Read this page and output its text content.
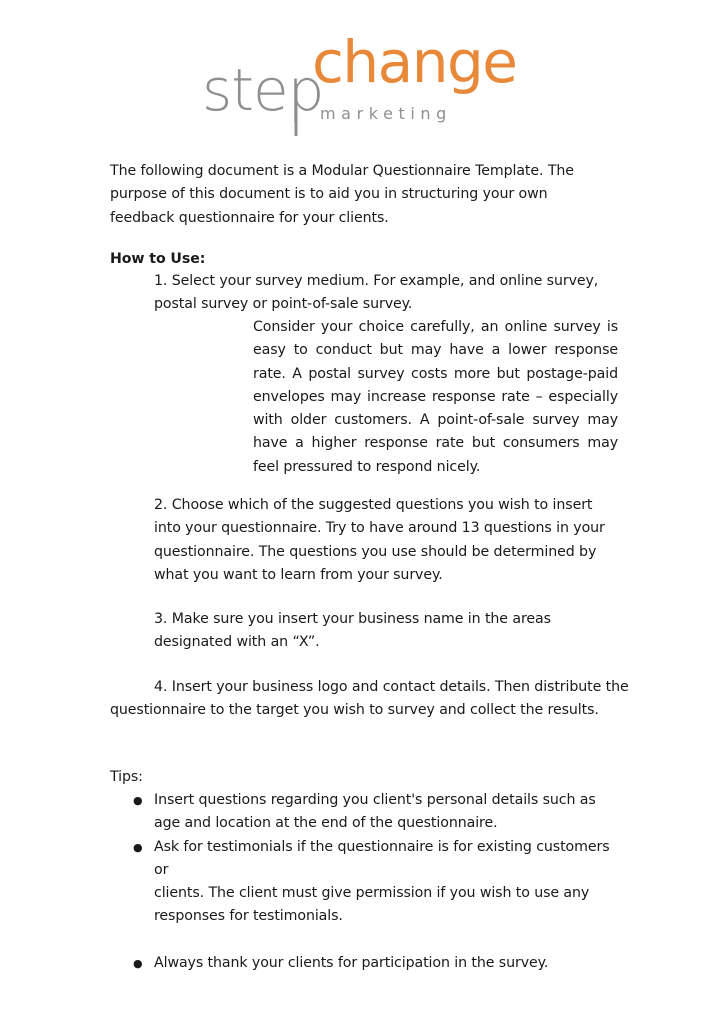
step
change
marketing
The following document is a Modular Questionnaire Template. The
purpose of this document is to aid you in structuring your own
feedback questionnaire for your clients.
How to Use:
1. Select your survey medium. For example, and online survey,
postal survey or point-of-sale survey.
Consider your choice carefully, an online survey is easy to conduct but may have a lower response rate. A postal survey costs more but postage-paid envelopes may increase response rate – especially with older customers. A point-of-sale survey may have a higher response rate but consumers may feel pressured to respond nicely.
2. Choose which of the suggested questions you wish to insert
into your questionnaire. Try to have around 13 questions in your
questionnaire. The questions you use should be determined by
what you want to learn from your survey.
3. Make sure you insert your business name in the areas
designated with an “X”.
4. Insert your business logo and contact details. Then distribute the questionnaire to the target you wish to survey and collect the results.
Tips:
● Insert questions regarding you client's personal details such as
age and location at the end of the questionnaire.
● Ask for testimonials if the questionnaire is for existing customers or
clients. The client must give permission if you wish to use any
responses for testimonials.
● Always thank your clients for participation in the survey.
